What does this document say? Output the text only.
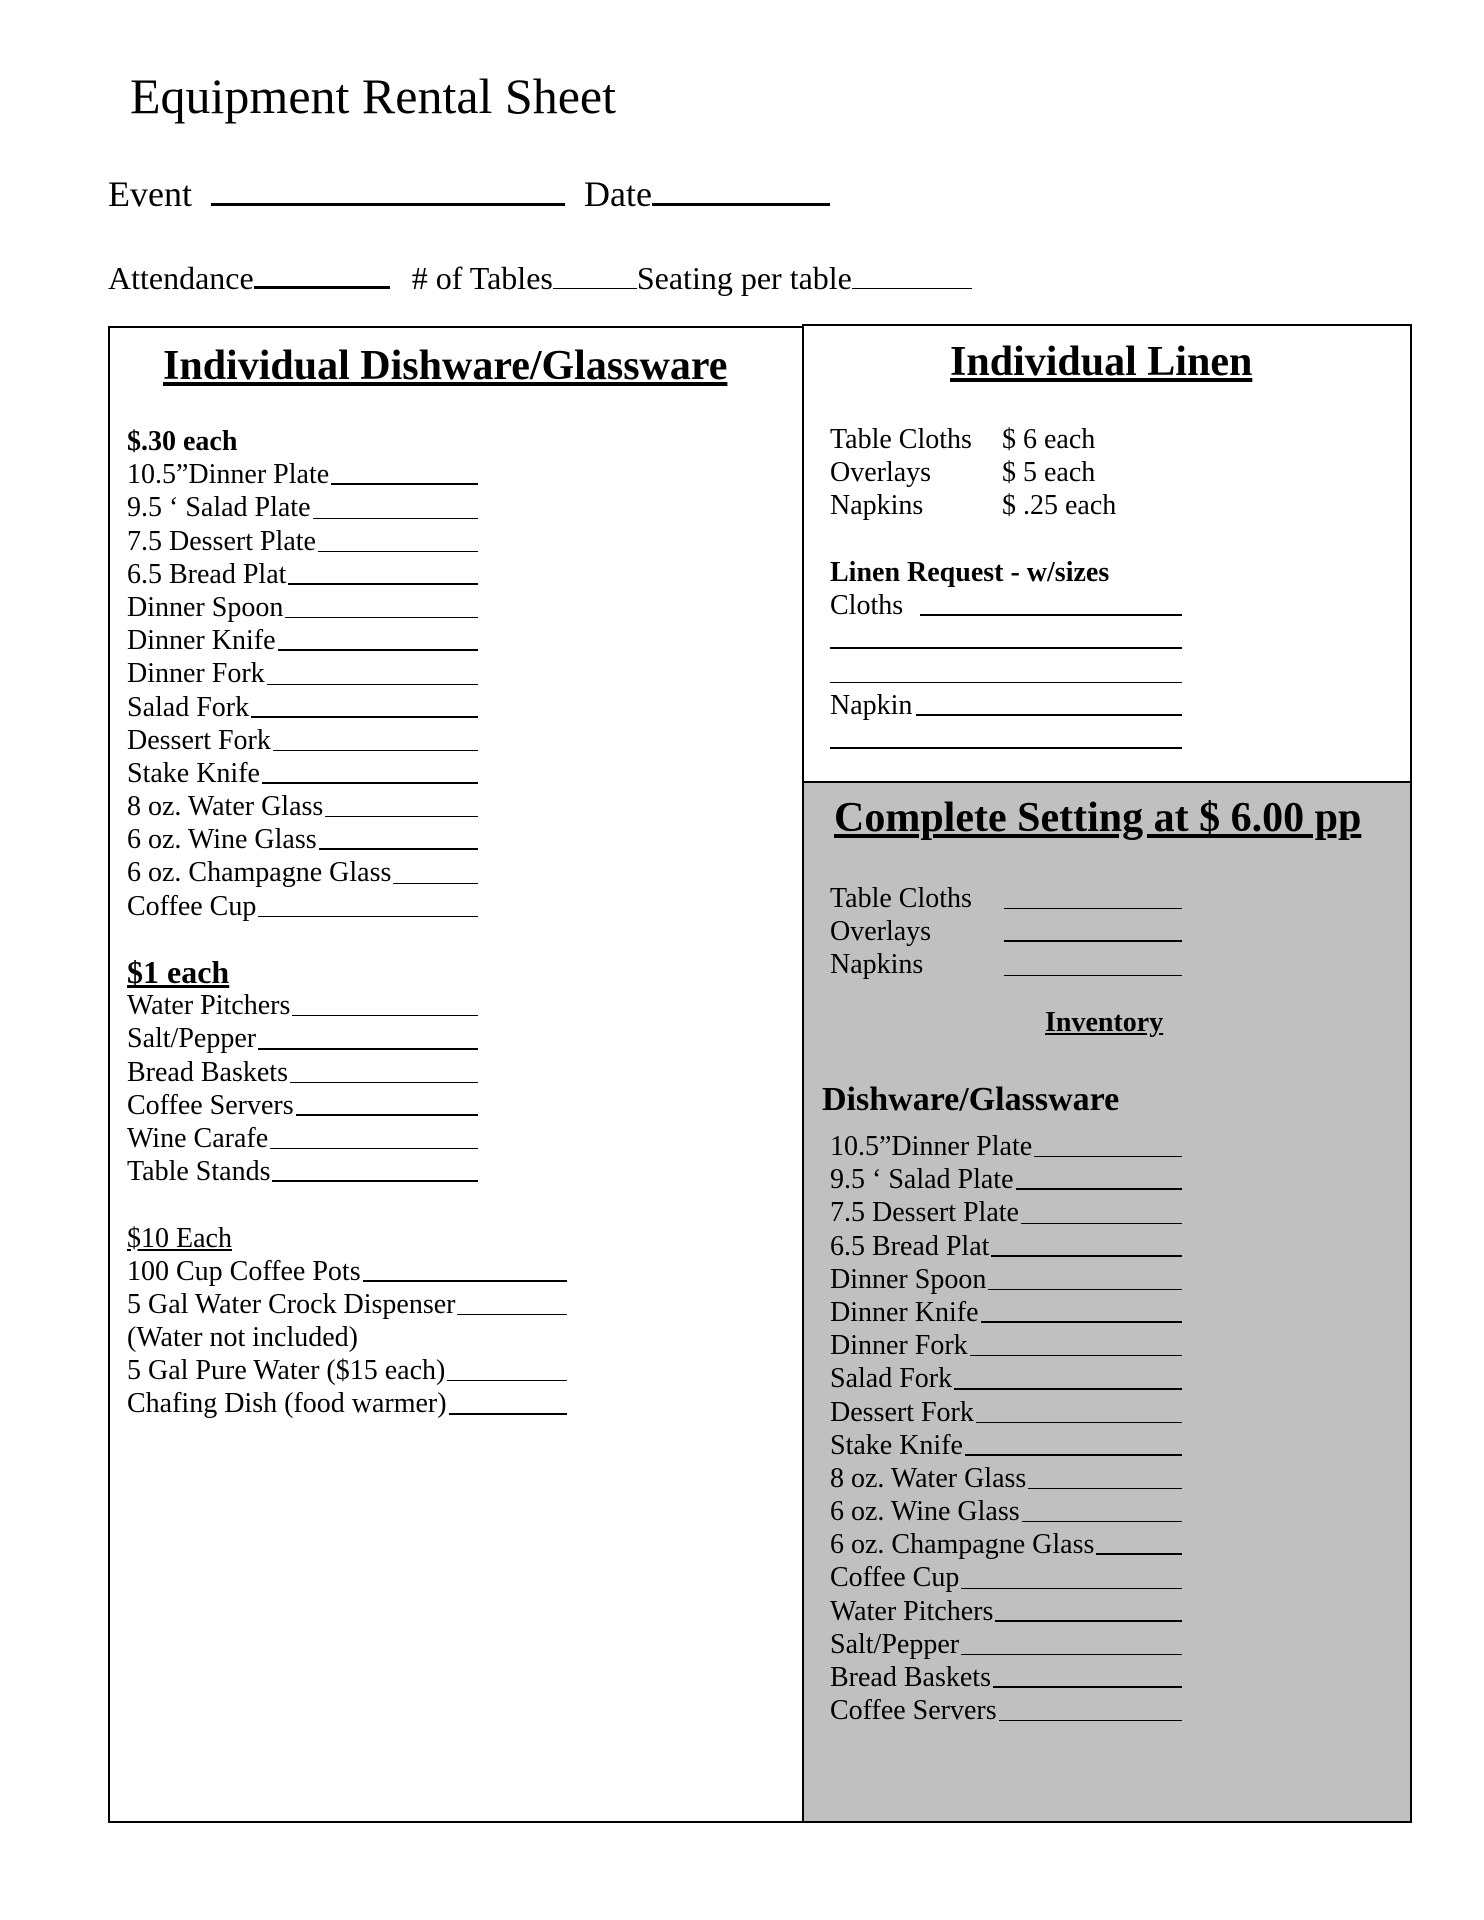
Equipment Rental Sheet
Event	Date
Attendance	# of Tables	Seating per table
Individual Dishware/Glassware	Individual Linen
Complete Setting at $ 6.00 pp
$.30 each
10.5”Dinner Plate
9.5 ‘ Salad Plate
7.5 Dessert Plate
6.5 Bread Plat
Dinner Spoon
Dinner Knife
Dinner Fork
Salad Fork
Dessert Fork
Stake Knife
8 oz. Water Glass
6 oz. Wine Glass
6 oz. Champagne Glass
Coffee Cup
$1 each
Water Pitchers
Salt/Pepper
Bread Baskets
Coffee Servers
Wine Carafe
Table Stands
$10 Each
100 Cup Coffee Pots
5 Gal Water Crock Dispenser
(Water not included)
5 Gal Pure Water ($15 each)
Chafing Dish (food warmer)
Table Cloths $ 6 each
Overlays	$ 5 each
Napkins	$ .25 each
Linen Request - w/sizes
Cloths
Napkin
Table Cloths
Overlays
Napkins
Inventory
Dishware/Glassware
10.5”Dinner Plate
9.5 ‘ Salad Plate
7.5 Dessert Plate
6.5 Bread Plat
Dinner Spoon
Dinner Knife
Dinner Fork
Salad Fork
Dessert Fork
Stake Knife
8 oz. Water Glass
6 oz. Wine Glass
6 oz. Champagne Glass
Coffee Cup
Water Pitchers
Salt/Pepper
Bread Baskets
Coffee Servers
